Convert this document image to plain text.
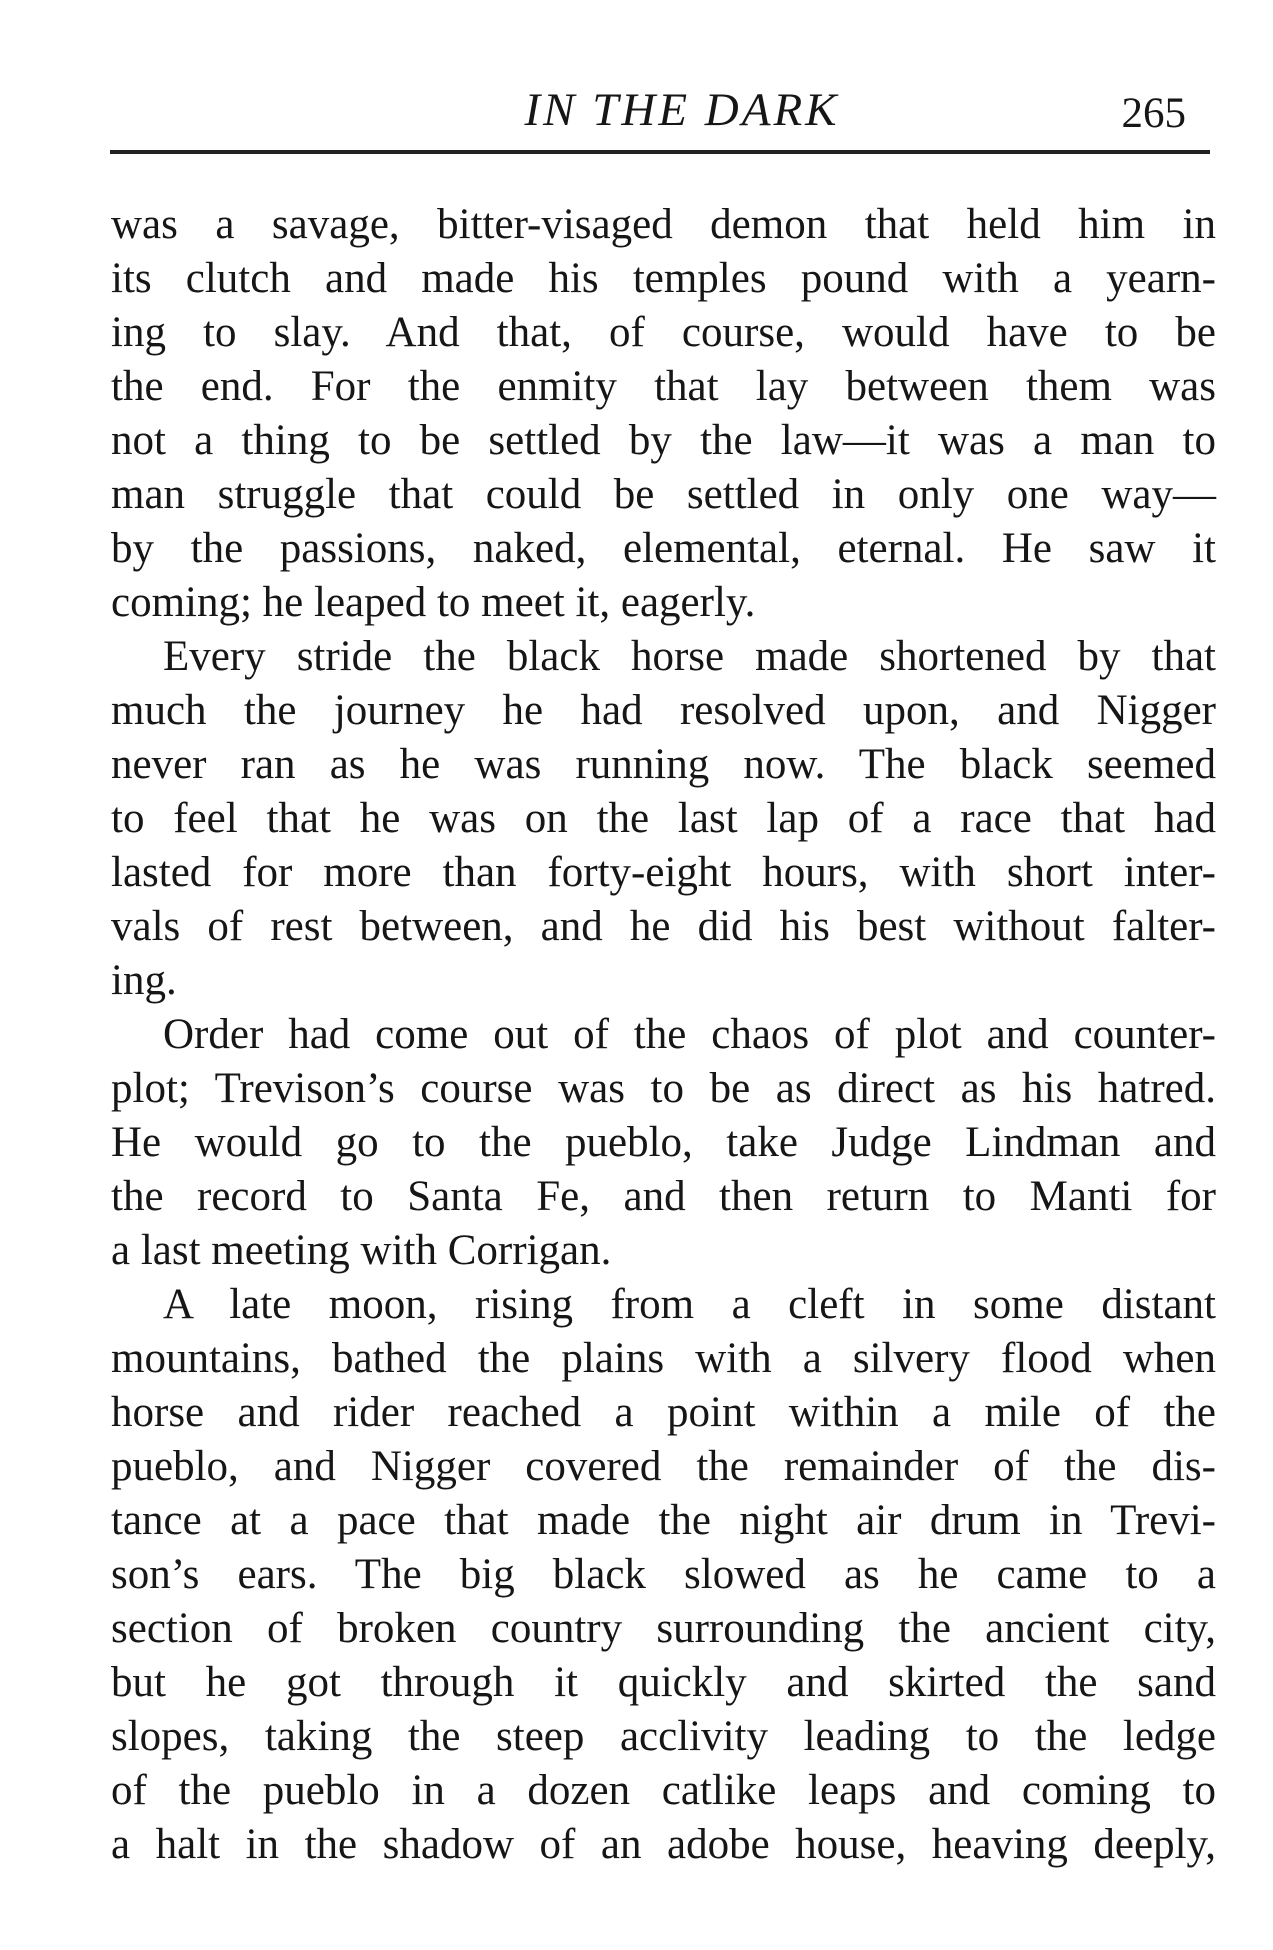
IN THE DARK	265
was a savage, bitter-visaged demon that held him in
its clutch and made his temples pound with a yearn-
ing to slay. And that, of course, would have to be
the end. For the enmity that lay between them was
not a thing to be settled by the law—it was a man to
man struggle that could be settled in only one way—
by the passions, naked, elemental, eternal. He saw it
coming; he leaped to meet it, eagerly.
Every stride the black horse made shortened by that
much the journey he had resolved upon, and Nigger
never ran as he was running now. The black seemed
to feel that he was on the last lap of a race that had
lasted for more than forty-eight hours, with short inter-
vals of rest between, and he did his best without falter-
ing.
Order had come out of the chaos of plot and counter-
plot; Trevison’s course was to be as direct as his hatred.
He would go to the pueblo, take Judge Lindman and
the record to Santa Fe, and then return to Manti for
a last meeting with Corrigan.
A late moon, rising from a cleft in some distant
mountains, bathed the plains with a silvery flood when
horse and rider reached a point within a mile of the
pueblo, and Nigger covered the remainder of the dis-
tance at a pace that made the night air drum in Trevi-
son’s ears. The big black slowed as he came to a
section of broken country surrounding the ancient city,
but he got through it quickly and skirted the sand
slopes, taking the steep acclivity leading to the ledge
of the pueblo in a dozen catlike leaps and coming to
a halt in the shadow of an adobe house, heaving deeply,
